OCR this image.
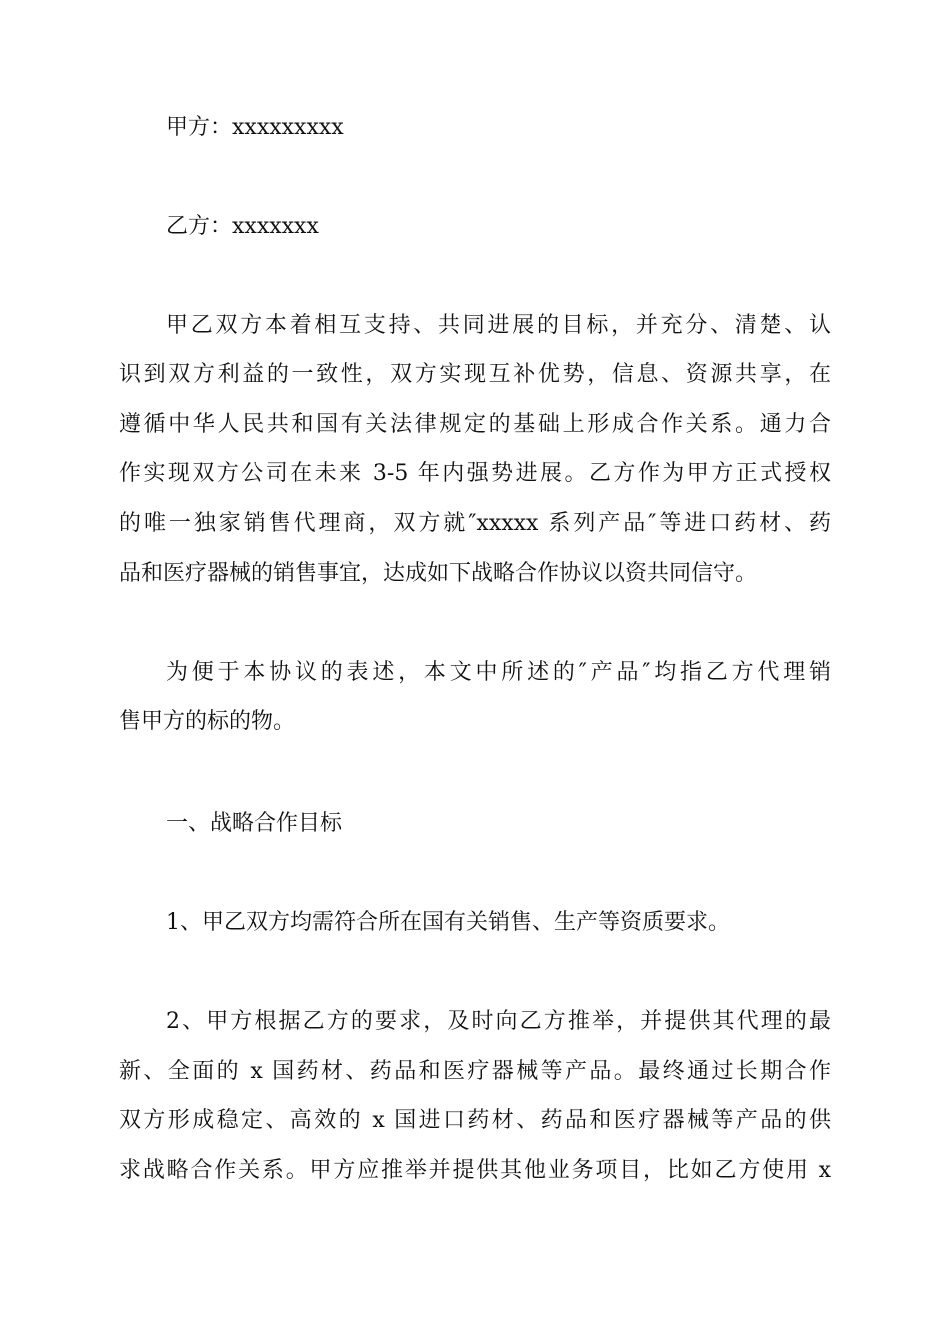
甲方：xxxxxxxxx
乙方：xxxxxxx
甲乙双方本着相互支持、共同进展的目标，并充分、清楚、认
识到双方利益的一致性，双方实现互补优势，信息、资源共享，在
遵循中华人民共和国有关法律规定的基础上形成合作关系。通力合
作实现双方公司在未来 3-5 年内强势进展。乙方作为甲方正式授权
的唯一独家销售代理商，双方就″xxxxx 系列产品″等进口药材、药
品和医疗器械的销售事宜，达成如下战略合作协议以资共同信守。
为便于本协议的表述，本文中所述的″产品″均指乙方代理销
售甲方的标的物。
一、战略合作目标
1、甲乙双方均需符合所在国有关销售、生产等资质要求。
2、甲方根据乙方的要求，及时向乙方推举，并提供其代理的最
新、全面的 x 国药材、药品和医疗器械等产品。最终通过长期合作
双方形成稳定、高效的 x 国进口药材、药品和医疗器械等产品的供
求战略合作关系。甲方应推举并提供其他业务项目，比如乙方使用 x
